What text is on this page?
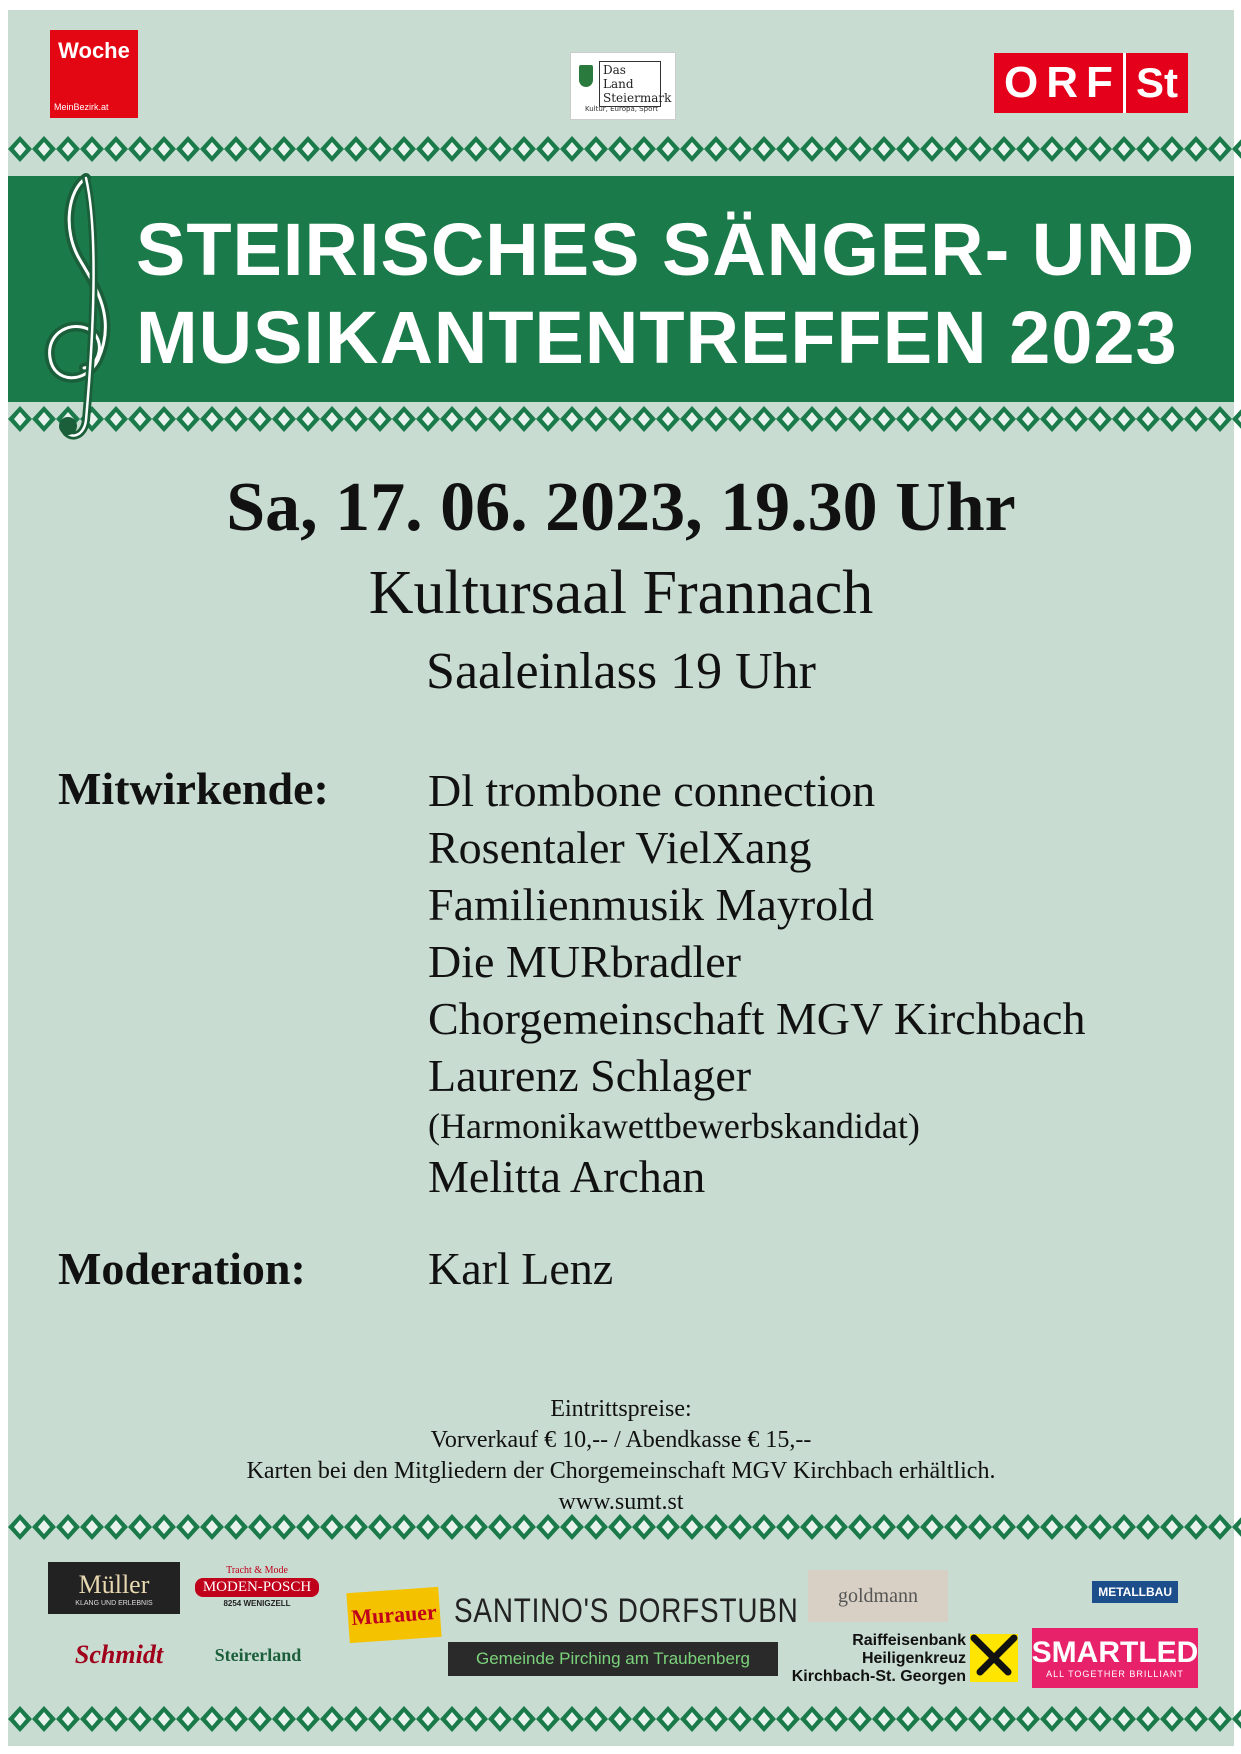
Woche
MeinBezirk.at
Das Land Steiermark
Kultur, Europa, Sport
ORF St
STEIRISCHES SÄNGER- UND
MUSIKANTENTREFFEN 2023
Sa, 17. 06. 2023, 19.30 Uhr
Kultursaal Frannach
Saaleinlass 19 Uhr
Mitwirkende: Dl trombone connection
Rosentaler VielXang
Familienmusik Mayrold
Die MURbradler
Chorgemeinschaft MGV Kirchbach
Laurenz Schlager
(Harmonikawettbewerbskandidat)
Melitta Archan
Moderation:	Karl Lenz
Eintrittspreise:
Vorverkauf € 10,-- / Abendkasse € 15,--
Karten bei den Mitgliedern der Chorgemeinschaft MGV Kirchbach erhältlich.
www.sumt.st
Müller
KLANG UND ERLEBNIS
Tracht & Mode
MODEN-POSCH
8254 WENIGZELL	Murauer SANTINO'S DORFSTUBN	goldmann	METALLBAU
Schmidt	Steirerland	Gemeinde Pirching am Traubenberg
Raiffeisenbank
Heiligenkreuz
Kirchbach-St. Georgen
SMARTLED
ALL TOGETHER BRILLIANT
